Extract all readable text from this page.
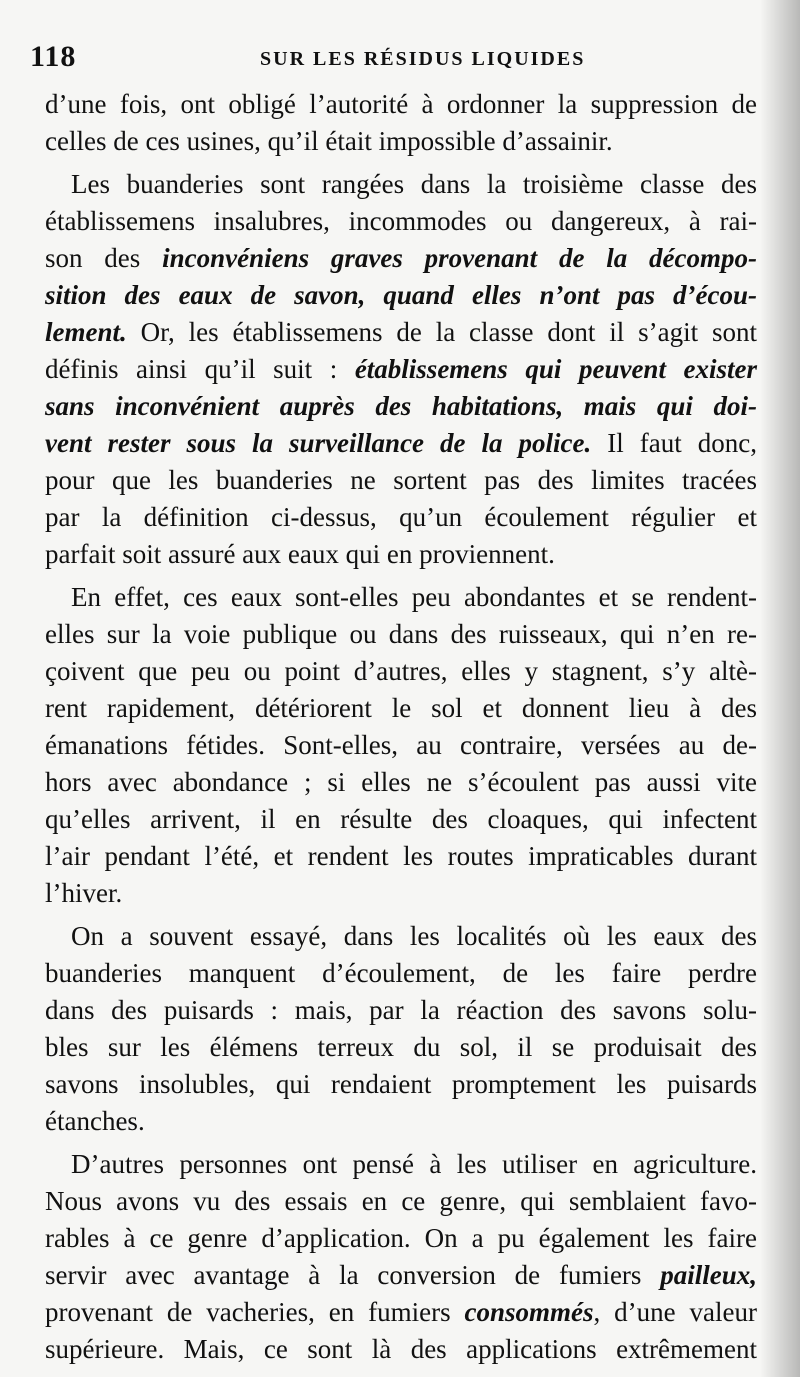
118	SUR LES RÉSIDUS LIQUIDES
d’une fois, ont obligé l’autorité à ordonner la suppression de
celles de ces usines, qu’il était impossible d’assainir.
Les buanderies sont rangées dans la troisième classe des
établissemens insalubres, incommodes ou dangereux, à rai-
son des inconvéniens graves provenant de la décompo-
sition des eaux de savon, quand elles n’ont pas d’écou-
lement. Or, les établissemens de la classe dont il s’agit sont
définis ainsi qu’il suit : établissemens qui peuvent exister
sans inconvénient auprès des habitations, mais qui doi-
vent rester sous la surveillance de la police. Il faut donc,
pour que les buanderies ne sortent pas des limites tracées
par la définition ci-dessus, qu’un écoulement régulier et
parfait soit assuré aux eaux qui en proviennent.
En effet, ces eaux sont-elles peu abondantes et se rendent-
elles sur la voie publique ou dans des ruisseaux, qui n’en re-
çoivent que peu ou point d’autres, elles y stagnent, s’y altè-
rent rapidement, détériorent le sol et donnent lieu à des
émanations fétides. Sont-elles, au contraire, versées au de-
hors avec abondance ; si elles ne s’écoulent pas aussi vite
qu’elles arrivent, il en résulte des cloaques, qui infectent
l’air pendant l’été, et rendent les routes impraticables durant
l’hiver.
On a souvent essayé, dans les localités où les eaux des
buanderies manquent d’écoulement, de les faire perdre
dans des puisards : mais, par la réaction des savons solu-
bles sur les élémens terreux du sol, il se produisait des
savons insolubles, qui rendaient promptement les puisards
étanches.
D’autres personnes ont pensé à les utiliser en agriculture.
Nous avons vu des essais en ce genre, qui semblaient favo-
rables à ce genre d’application. On a pu également les faire
servir avec avantage à la conversion de fumiers pailleux,
provenant de vacheries, en fumiers consommés, d’une valeur
supérieure. Mais, ce sont là des applications extrêmement
